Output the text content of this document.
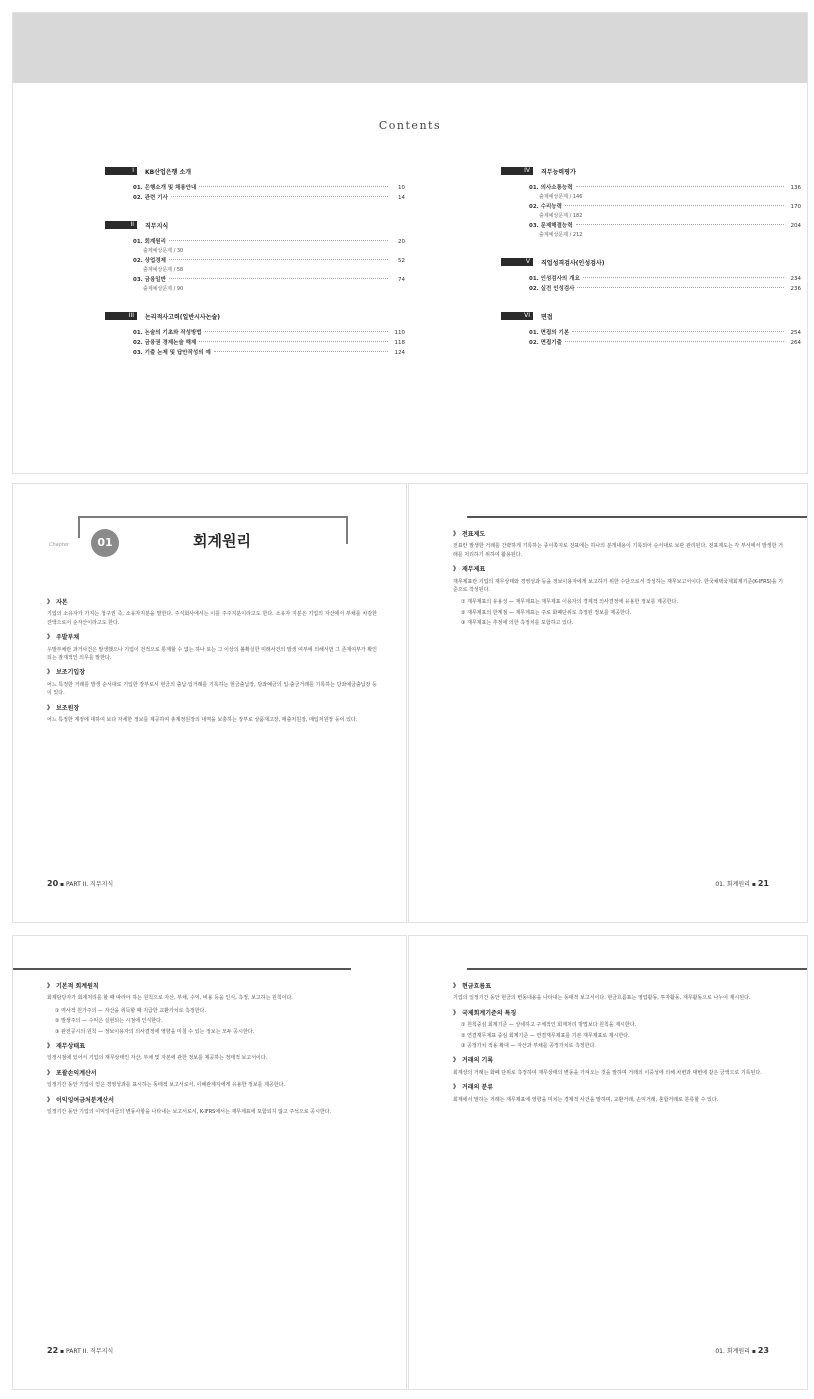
Contents
I	KB산업은행 소개
01. 은행소개 및 채용안내	10
02. 관련 기사	14
II	직무지식
01. 회계원리	20
출제예상문제 / 30
02. 상업경제	52
출제예상문제 / 58
03. 금융일반	74
출제예상문제 / 90
III	논리적사고력(일반시사논술)
01. 논술의 기초와 작성방법	110
02. 금융권 경제논술 해제	118
03. 기출 논제 및 답안작성의 예	124
IV	직무능력평가
01. 의사소통능력	136
출제예상문제 / 146
02. 수리능력	170
출제예상문제 / 182
03. 문제해결능력	204
출제예상문제 / 212
V	직업성격검사(인성검사)
01. 인성검사의 개요	234
02. 실전 인성검사	236
VI	면접
01. 면접의 기본	254
02. 면접기출	264
Chapter	01	회계원리
》 자본

기업의 소유자가 가지는 청구권 즉, 소유자지분을 말한다. 주식회사에서는 이를 주주지분이라고도 한다. 소유자 지분은 기업의 자산에서 부채를 차감한 잔액으로서 순자산이라고도 한다.

》 우발부채

우발부채란 과거사건은 발생했으나 기업이 전적으로 통제할 수 없는 하나 또는 그 이상의 불확실한 미래사건의 발생 여부에 의해서만 그 존재여부가 확인되는 잠재적인 의무를 말한다.

》 보조기입장

어느 특정한 거래를 발생 순서대로 기입한 장부로서 현금의 출납·입거래를 기록하는 현금출납장, 당좌예금의 입·출금거래를 기록하는 당좌예금출납장 등이 있다.

》 보조원장

어느 특정한 계정에 대하여 보다 자세한 정보를 제공하여 총계정원장의 내역을 보충하는 장부로 상품재고장, 매출처원장, 매입처원장 등이 있다.

20 ▪ PART II. 직무지식
》 전표제도

전표란 발생한 거래를 간략하게 기록하는 종이쪽지로 전표에는 하나의 분개내용이 기록되어 순서대로 보관 관리된다. 전표제도는 각 부서에서 발생한 거래를 처리하기 위하여 활용된다.

》 재무제표

재무제표란 기업의 재무상태와 경영성과 등을 정보이용자에게 보고하기 위한 수단으로서 작성하는 재무보고서이다. 한국채택국제회계기준(K-IFRS)을 기준으로 작성된다.

① 재무제표의 유용성 — 재무제표는 재무제표 이용자의 경제적 의사결정에 유용한 정보를 제공한다.

② 재무제표의 한계점 — 재무제표는 주로 화폐단위로 측정된 정보를 제공한다.

③ 재무제표는 추정에 의한 측정치를 포함하고 있다.

01. 회계원리 ▪ 21
》 기본적 회계원칙

회계담당자가 회계처리를 할 때 따라야 하는 원칙으로 자산, 부채, 수익, 비용 등을 인식, 측정, 보고하는 원칙이다.

① 역사적 원가주의 — 자산을 취득할 때 지급한 교환가치로 측정한다.

② 발생주의 — 수익은 실현되는 시점에 인식한다.

③ 완전공시의 원칙 — 정보이용자의 의사결정에 영향을 미칠 수 있는 정보는 모두 공시한다.

》 재무상태표

일정시점에 있어서 기업의 재무상태인 자산, 부채 및 자본에 관한 정보를 제공하는 정태적 보고서이다.

》 포괄손익계산서

일정기간 동안 기업이 얻은 경영성과를 표시하는 동태적 보고서로서, 이해관계자에게 유용한 정보를 제공한다.

》 이익잉여금처분계산서

일정기간 동안 기업의 이익잉여금의 변동사항을 나타내는 보고서로서, K-IFRS에서는 재무제표에 포함되지 않고 주석으로 공시한다.

22 ▪ PART II. 직무지식
》 현금흐름표

기업의 일정기간 동안 현금의 변동내용을 나타내는 동태적 보고서이다. 현금흐름표는 영업활동, 투자활동, 재무활동으로 나누어 제시된다.

》 국제회계기준의 특징

① 원칙중심 회계기준 — 상세하고 구체적인 회계처리 방법보다 원칙을 제시한다.

② 연결재무제표 중심 회계기준 — 연결재무제표를 기본 재무제표로 제시한다.

③ 공정가치 적용 확대 — 자산과 부채를 공정가치로 측정한다.

》 거래의 기록

회계상의 거래는 화폐 단위로 측정하여 재무상태의 변동을 가져오는 것을 말하며 거래의 이중성에 의해 차변과 대변에 같은 금액으로 기록된다.

》 거래의 분류

회계에서 말하는 거래는 재무제표에 영향을 미치는 경제적 사건을 말하며, 교환거래, 손익거래, 혼합거래로 분류할 수 있다.

01. 회계원리 ▪ 23
